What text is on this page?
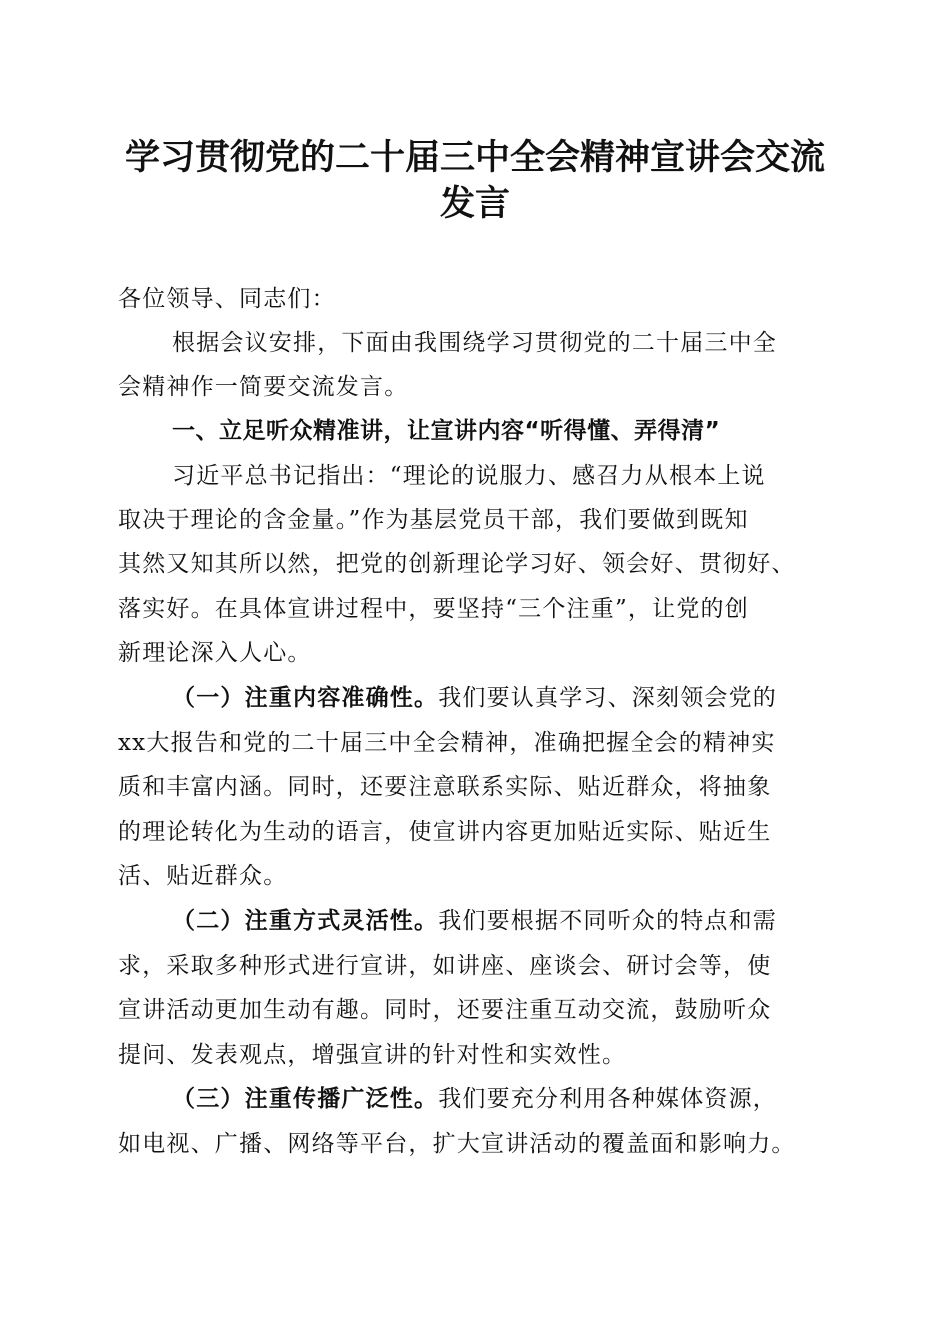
学习贯彻党的二十届三中全会精神宣讲会交流
发言
各位领导、同志们：
根据会议安排，下面由我围绕学习贯彻党的二十届三中全
会精神作一简要交流发言。
一、立足听众精准讲，让宣讲内容“听得懂、弄得清”
习近平总书记指出：“理论的说服力、感召力从根本上说
取决于理论的含金量。”作为基层党员干部，我们要做到既知
其然又知其所以然，把党的创新理论学习好、领会好、贯彻好、
落实好。在具体宣讲过程中，要坚持“三个注重”，让党的创
新理论深入人心。
（一）注重内容准确性。我们要认真学习、深刻领会党的
xx大报告和党的二十届三中全会精神，准确把握全会的精神实
质和丰富内涵。同时，还要注意联系实际、贴近群众，将抽象
的理论转化为生动的语言，使宣讲内容更加贴近实际、贴近生
活、贴近群众。
（二）注重方式灵活性。我们要根据不同听众的特点和需
求，采取多种形式进行宣讲，如讲座、座谈会、研讨会等，使
宣讲活动更加生动有趣。同时，还要注重互动交流，鼓励听众
提问、发表观点，增强宣讲的针对性和实效性。
（三）注重传播广泛性。我们要充分利用各种媒体资源，
如电视、广播、网络等平台，扩大宣讲活动的覆盖面和影响力。
